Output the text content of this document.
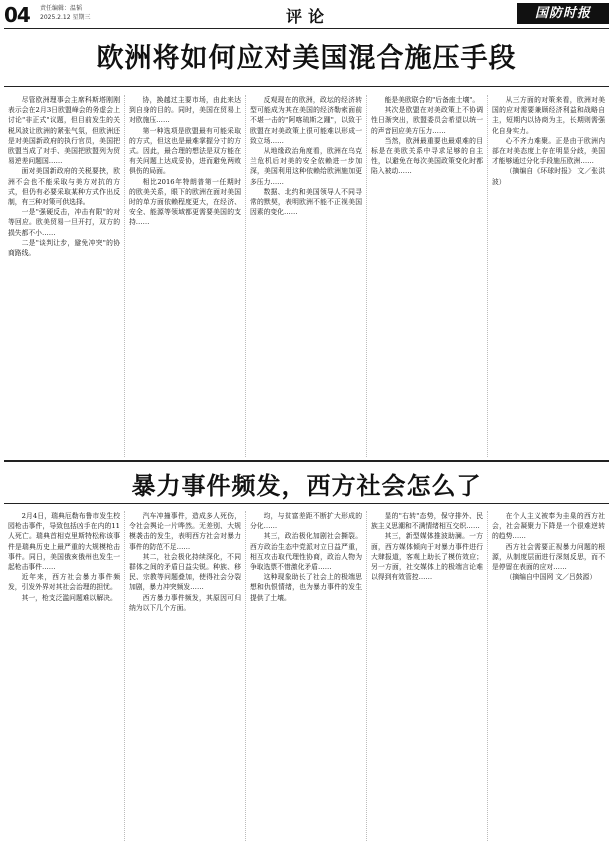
04 责任编辑：温韬
2025.2.12 星期三	评论	国防时报
欧洲将如何应对美国混合施压手段

尽管欧洲理事会主席科斯塔刚刚表示会在2月3日欧盟峰会的务虚会上讨论"非正式"议题，但目前发生的关税风波让欧洲的紧张气氛，但欧洲还是对美国新政府的执行官员，美国把欧盟当成了对手、美国把欧盟列为贸易逆差问题国……

面对美国新政府的关税要挟，欧洲不会也不能采取与美方对抗的方式，但仍有必要采取某种方式作出反制，有三种对策可供选择。

一是"强硬反击，冲击有限"的对等回应。欧美贸易一旦开打，双方的损失都不小……

二是"谈判让步，避免冲突"的协商路线。

协，换越过主要市场，由此来达到自身的目的。同时，美国在贸易上对欧施压……

第一种选项是欧盟最有可能采取的方式，但这也是最难掌握分寸的方式。因此，最合理的想法是双方能在有关问题上达成妥协，进而避免两败俱伤的局面。

相比2016年特朗普第一任期时的欧美关系，眼下的欧洲在面对美国时的单方面依赖程度更大，在经济、安全、能源等领域都更需要美国的支持……

反观现在的欧洲，政坛的经济转型可能成为其在美国的经济勒索面前不堪一击的"阿喀琉斯之踵"，以致于欧盟在对美政策上很可能难以形成一致立场……

从地缘政治角度看，欧洲在乌克兰危机后对美的安全依赖进一步加深，美国利用这种依赖给欧洲施加更多压力……

数据、北约和美国领导人不同寻常的默契，表明欧洲不能不正视美国因素的变化……

能是美欧联合的"后备座土壤"。

其次是欧盟在对美政策上不协调性日渐突出，欧盟委员会希望以统一的声音回应美方压力……

当然，欧洲最重要也最艰难的目标是在美欧关系中寻求足够的自主性，以避免在每次美国政策变化时都陷入被动……

从三方面的对策来看，欧洲对美国的应对需要兼顾经济利益和战略自主，短期内以协商为主，长期则需强化自身实力。

心不齐力难聚。正是由于欧洲内部在对美态度上存在明显分歧，美国才能够通过分化手段施压欧洲……

（摘编自《环球时报》 文／张洪波）

暴力事件频发，西方社会怎么了

2月4日，瑞典厄勒布鲁市发生校园枪击事件，导致包括凶手在内的11人死亡。瑞典首相克里斯特松称该事件是瑞典历史上最严重的大规模枪击事件。同日，美国俄亥俄州也发生一起枪击事件……

近年来，西方社会暴力事件频发，引发外界对其社会治理的担忧。

其一，枪支泛滥问题难以解决。

汽车冲撞事件，造成多人死伤，令社会舆论一片哗然。无差别、大规模袭击的发生，表明西方社会对暴力事件的防范不足……

其二，社会极化持续深化，不同群体之间的矛盾日益尖锐。种族、移民、宗教等问题叠加，使得社会分裂加剧，暴力冲突频发……

西方暴力事件频发，其原因可归纳为以下几个方面。

均，与贫富差距不断扩大形成的分化……

其三，政治极化加剧社会撕裂。西方政治生态中党派对立日益严重，相互攻击取代理性协商，政治人物为争取选票不惜激化矛盾……

这种现象助长了社会上的极端思想和仇恨情绪，也为暴力事件的发生提供了土壤。

显的"右转"态势，保守排外、民族主义思潮和不满情绪相互交织……

其三，新型媒体推波助澜。一方面，西方媒体倾向于对暴力事件进行大肆报道，客观上助长了模仿效应；另一方面，社交媒体上的极端言论难以得到有效管控……

在个人主义被奉为圭臬的西方社会，社会凝聚力下降是一个很难逆转的趋势……

西方社会需要正视暴力问题的根源，从制度层面进行深刻反思，而不是停留在表面的应对……

（摘编自中国网 文／吕鼓源）
